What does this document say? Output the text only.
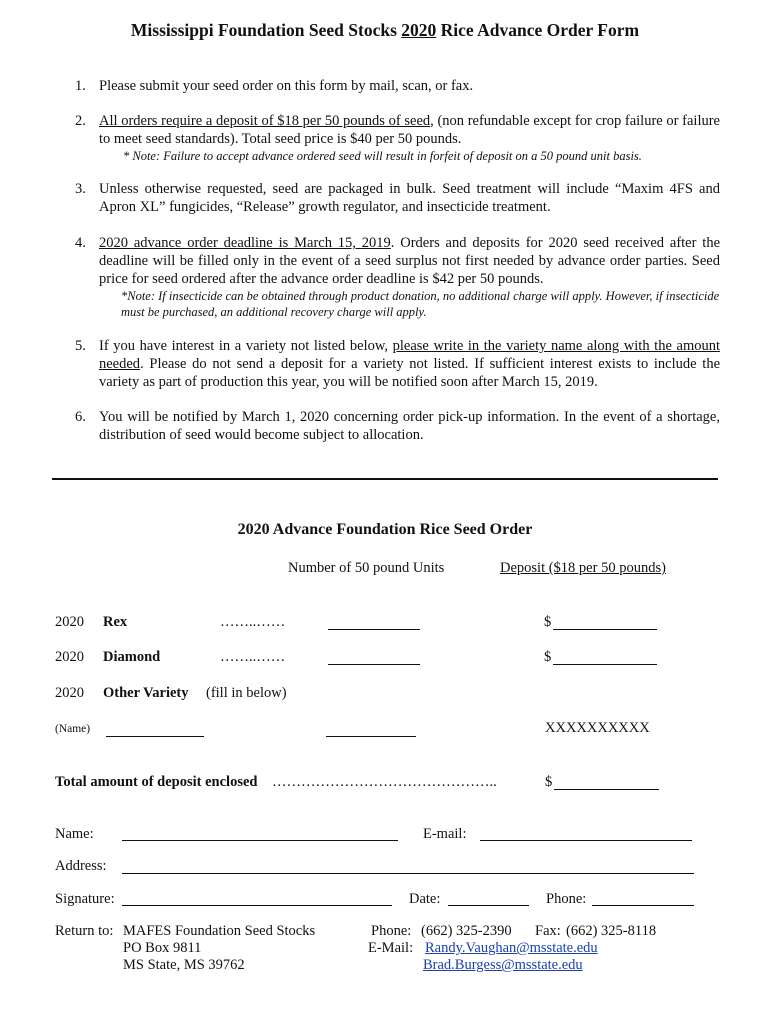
Mississippi Foundation Seed Stocks 2020 Rice Advance Order Form
1. Please submit your seed order on this form by mail, scan, or fax.
2. All orders require a deposit of $18 per 50 pounds of seed, (non refundable except for crop failure or failure to meet seed standards). Total seed price is $40 per 50 pounds.
* Note: Failure to accept advance ordered seed will result in forfeit of deposit on a 50 pound unit basis.
3. Unless otherwise requested, seed are packaged in bulk. Seed treatment will include “Maxim 4FS and Apron XL” fungicides, “Release” growth regulator, and insecticide treatment.
4. 2020 advance order deadline is March 15, 2019. Orders and deposits for 2020 seed received after the deadline will be filled only in the event of a seed surplus not first needed by advance order parties. Seed price for seed ordered after the advance order deadline is $42 per 50 pounds.
*Note: If insecticide can be obtained through product donation, no additional charge will apply. However, if insecticide must be purchased, an additional recovery charge will apply.
5. If you have interest in a variety not listed below, please write in the variety name along with the amount needed. Please do not send a deposit for a variety not listed. If sufficient interest exists to include the variety as part of production this year, you will be notified soon after March 15, 2019.
6. You will be notified by March 1, 2020 concerning order pick-up information. In the event of a shortage, distribution of seed would become subject to allocation.
2020 Advance Foundation Rice Seed Order
Number of 50 pound Units	Deposit ($18 per 50 pounds)
2020 Rex	……..……	$
2020 Diamond	……..……	$
2020 Other Variety (fill in below)
(Name)	XXXXXXXXXX
Total amount of deposit enclosed ………………………………………..	$
Name:	E-mail:
Address:
Signature:	Date:	Phone:
Return to: MAFES Foundation Seed Stocks
PO Box 9811
MS State, MS 39762
Phone: (662) 325-2390 Fax: (662) 325-8118
E-Mail: Randy.Vaughan@msstate.edu
Brad.Burgess@msstate.edu
